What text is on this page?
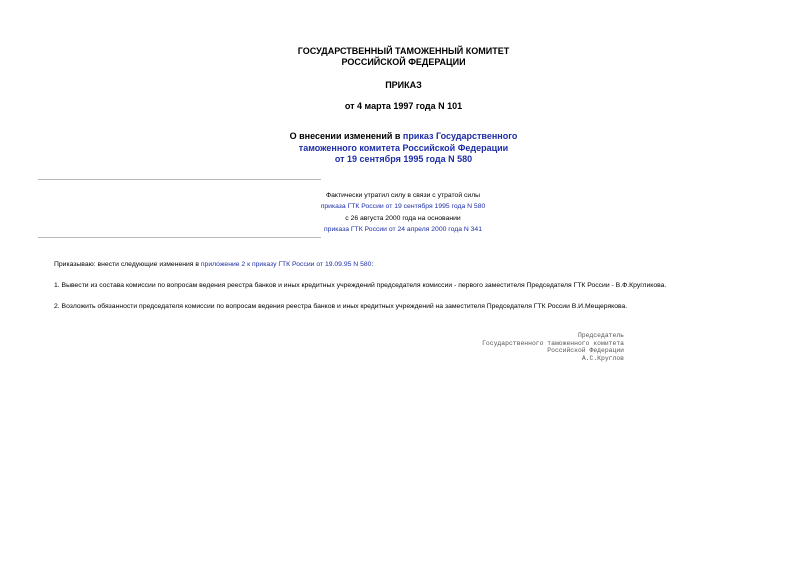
ГОСУДАРСТВЕННЫЙ ТАМОЖЕННЫЙ КОМИТЕТ
РОССИЙСКОЙ ФЕДЕРАЦИИ
ПРИКАЗ
от 4 марта 1997 года N 101
О внесении изменений в приказ Государственного
таможенного комитета Российской Федерации
от 19 сентября 1995 года N 580
Фактически утратил силу в связи с утратой силы
приказа ГТК России от 19 сентября 1995 года N 580
с 26 августа 2000 года на основании
приказа ГТК России от 24 апреля 2000 года N 341
Приказываю: внести следующие изменения в приложение 2 к приказу ГТК России от 19.09.95 N 580:
1. Вывести из состава комиссии по вопросам ведения реестра банков и иных кредитных учреждений председателя комиссии - первого заместителя Председателя ГТК России - В.Ф.Кругликова.
2. Возложить обязанности председателя комиссии по вопросам ведения реестра банков и иных кредитных учреждений на заместителя Председателя ГТК России В.И.Мещерякова.
Председатель
Государственного таможенного комитета
Российской Федерации
А.С.Круглов
